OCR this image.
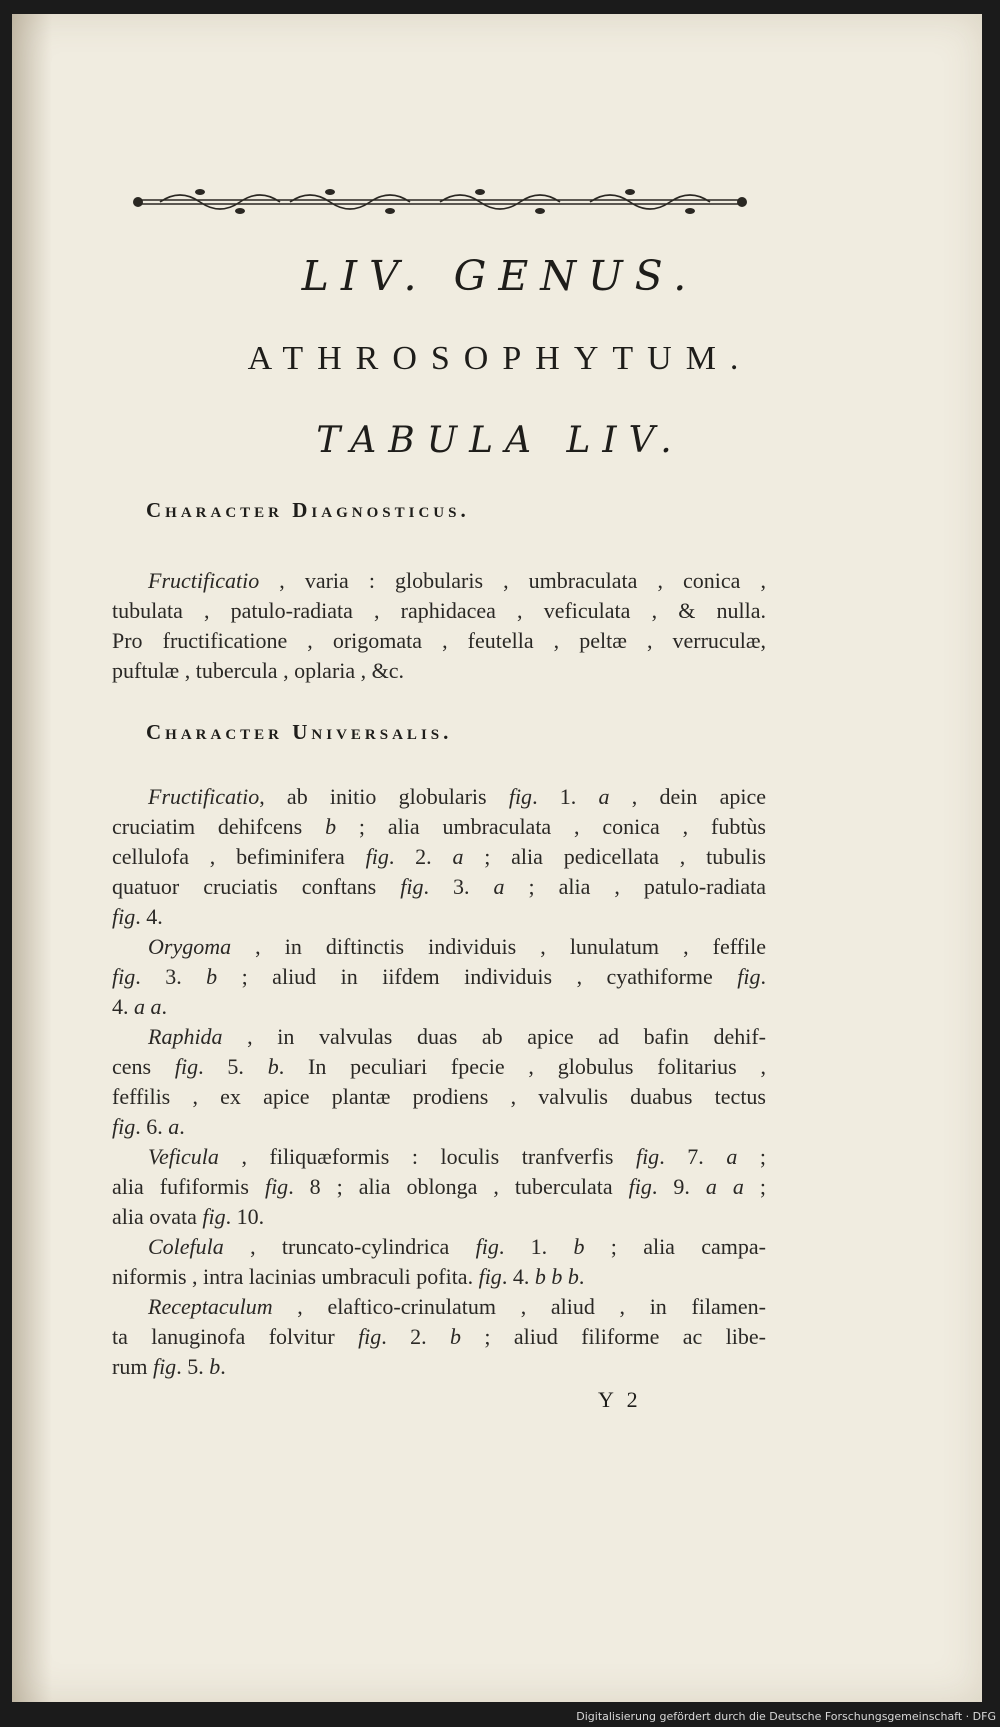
LIV. GENUS.
ATHROSOPHYTUM.
TABULA LIV.
Character Diagnosticus.
Fructificatio , varia : globularis , umbraculata , conica ,
tubulata , patulo-radiata , raphidacea , veficulata , & nulla.
Pro fructificatione , origomata , feutella , peltæ , verruculæ,
puftulæ , tubercula , oplaria , &c.
Character Universalis.
Fructificatio, ab initio globularis fig. 1. a , dein apice
cruciatim dehifcens b ; alia umbraculata , conica , fubtùs
cellulofa , befiminifera fig. 2. a ; alia pedicellata , tubulis
quatuor cruciatis conftans fig. 3. a ; alia , patulo-radiata
fig. 4.
Orygoma , in diftinctis individuis , lunulatum , feffile
fig. 3. b ; aliud in iifdem individuis , cyathiforme fig.
4. a a.
Raphida , in valvulas duas ab apice ad bafin dehif-
cens fig. 5. b. In peculiari fpecie , globulus folitarius ,
feffilis , ex apice plantæ prodiens , valvulis duabus tectus
fig. 6. a.
Veficula , filiquæformis : loculis tranfverfis fig. 7. a ;
alia fufiformis fig. 8 ; alia oblonga , tuberculata fig. 9. a a ;
alia ovata fig. 10.
Colefula , truncato-cylindrica fig. 1. b ; alia campa-
niformis , intra lacinias umbraculi pofita. fig. 4. b b b.
Receptaculum , elaftico-crinulatum , aliud , in filamen-
ta lanuginofa folvitur fig. 2. b ; aliud filiforme ac libe-
rum fig. 5. b.
Y 2
Digitalisierung gefördert durch die Deutsche Forschungsgemeinschaft · DFG
